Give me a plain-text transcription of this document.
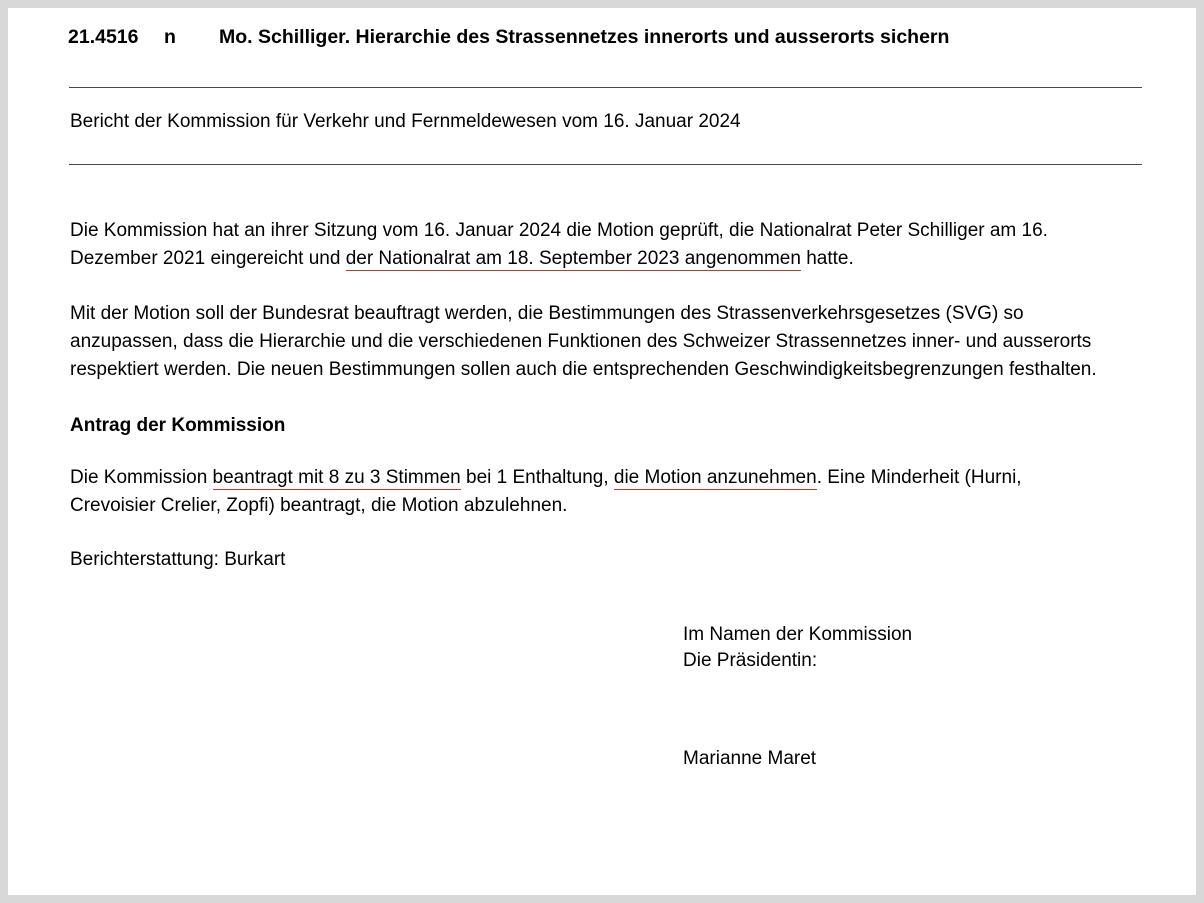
21.4516	n	Mo. Schilliger. Hierarchie des Strassennetzes innerorts und ausserorts sichern
Bericht der Kommission für Verkehr und Fernmeldewesen vom 16. Januar 2024

Die Kommission hat an ihrer Sitzung vom 16. Januar 2024 die Motion geprüft, die Nationalrat Peter Schilliger am 16. Dezember 2021 eingereicht und der Nationalrat am 18. September 2023 angenommen hatte.

Mit der Motion soll der Bundesrat beauftragt werden, die Bestimmungen des Strassenverkehrsgesetzes (SVG) so anzupassen, dass die Hierarchie und die verschiedenen Funktionen des Schweizer Strassennetzes inner- und ausserorts respektiert werden. Die neuen Bestimmungen sollen auch die entsprechenden Geschwindigkeitsbegrenzungen festhalten.

Antrag der Kommission

Die Kommission beantragt mit 8 zu 3 Stimmen bei 1 Enthaltung, die Motion anzunehmen. Eine Minderheit (Hurni, Crevoisier Crelier, Zopfi) beantragt, die Motion abzulehnen.

Berichterstattung: Burkart

Im Namen der Kommission
Die Präsidentin:
Marianne Maret
